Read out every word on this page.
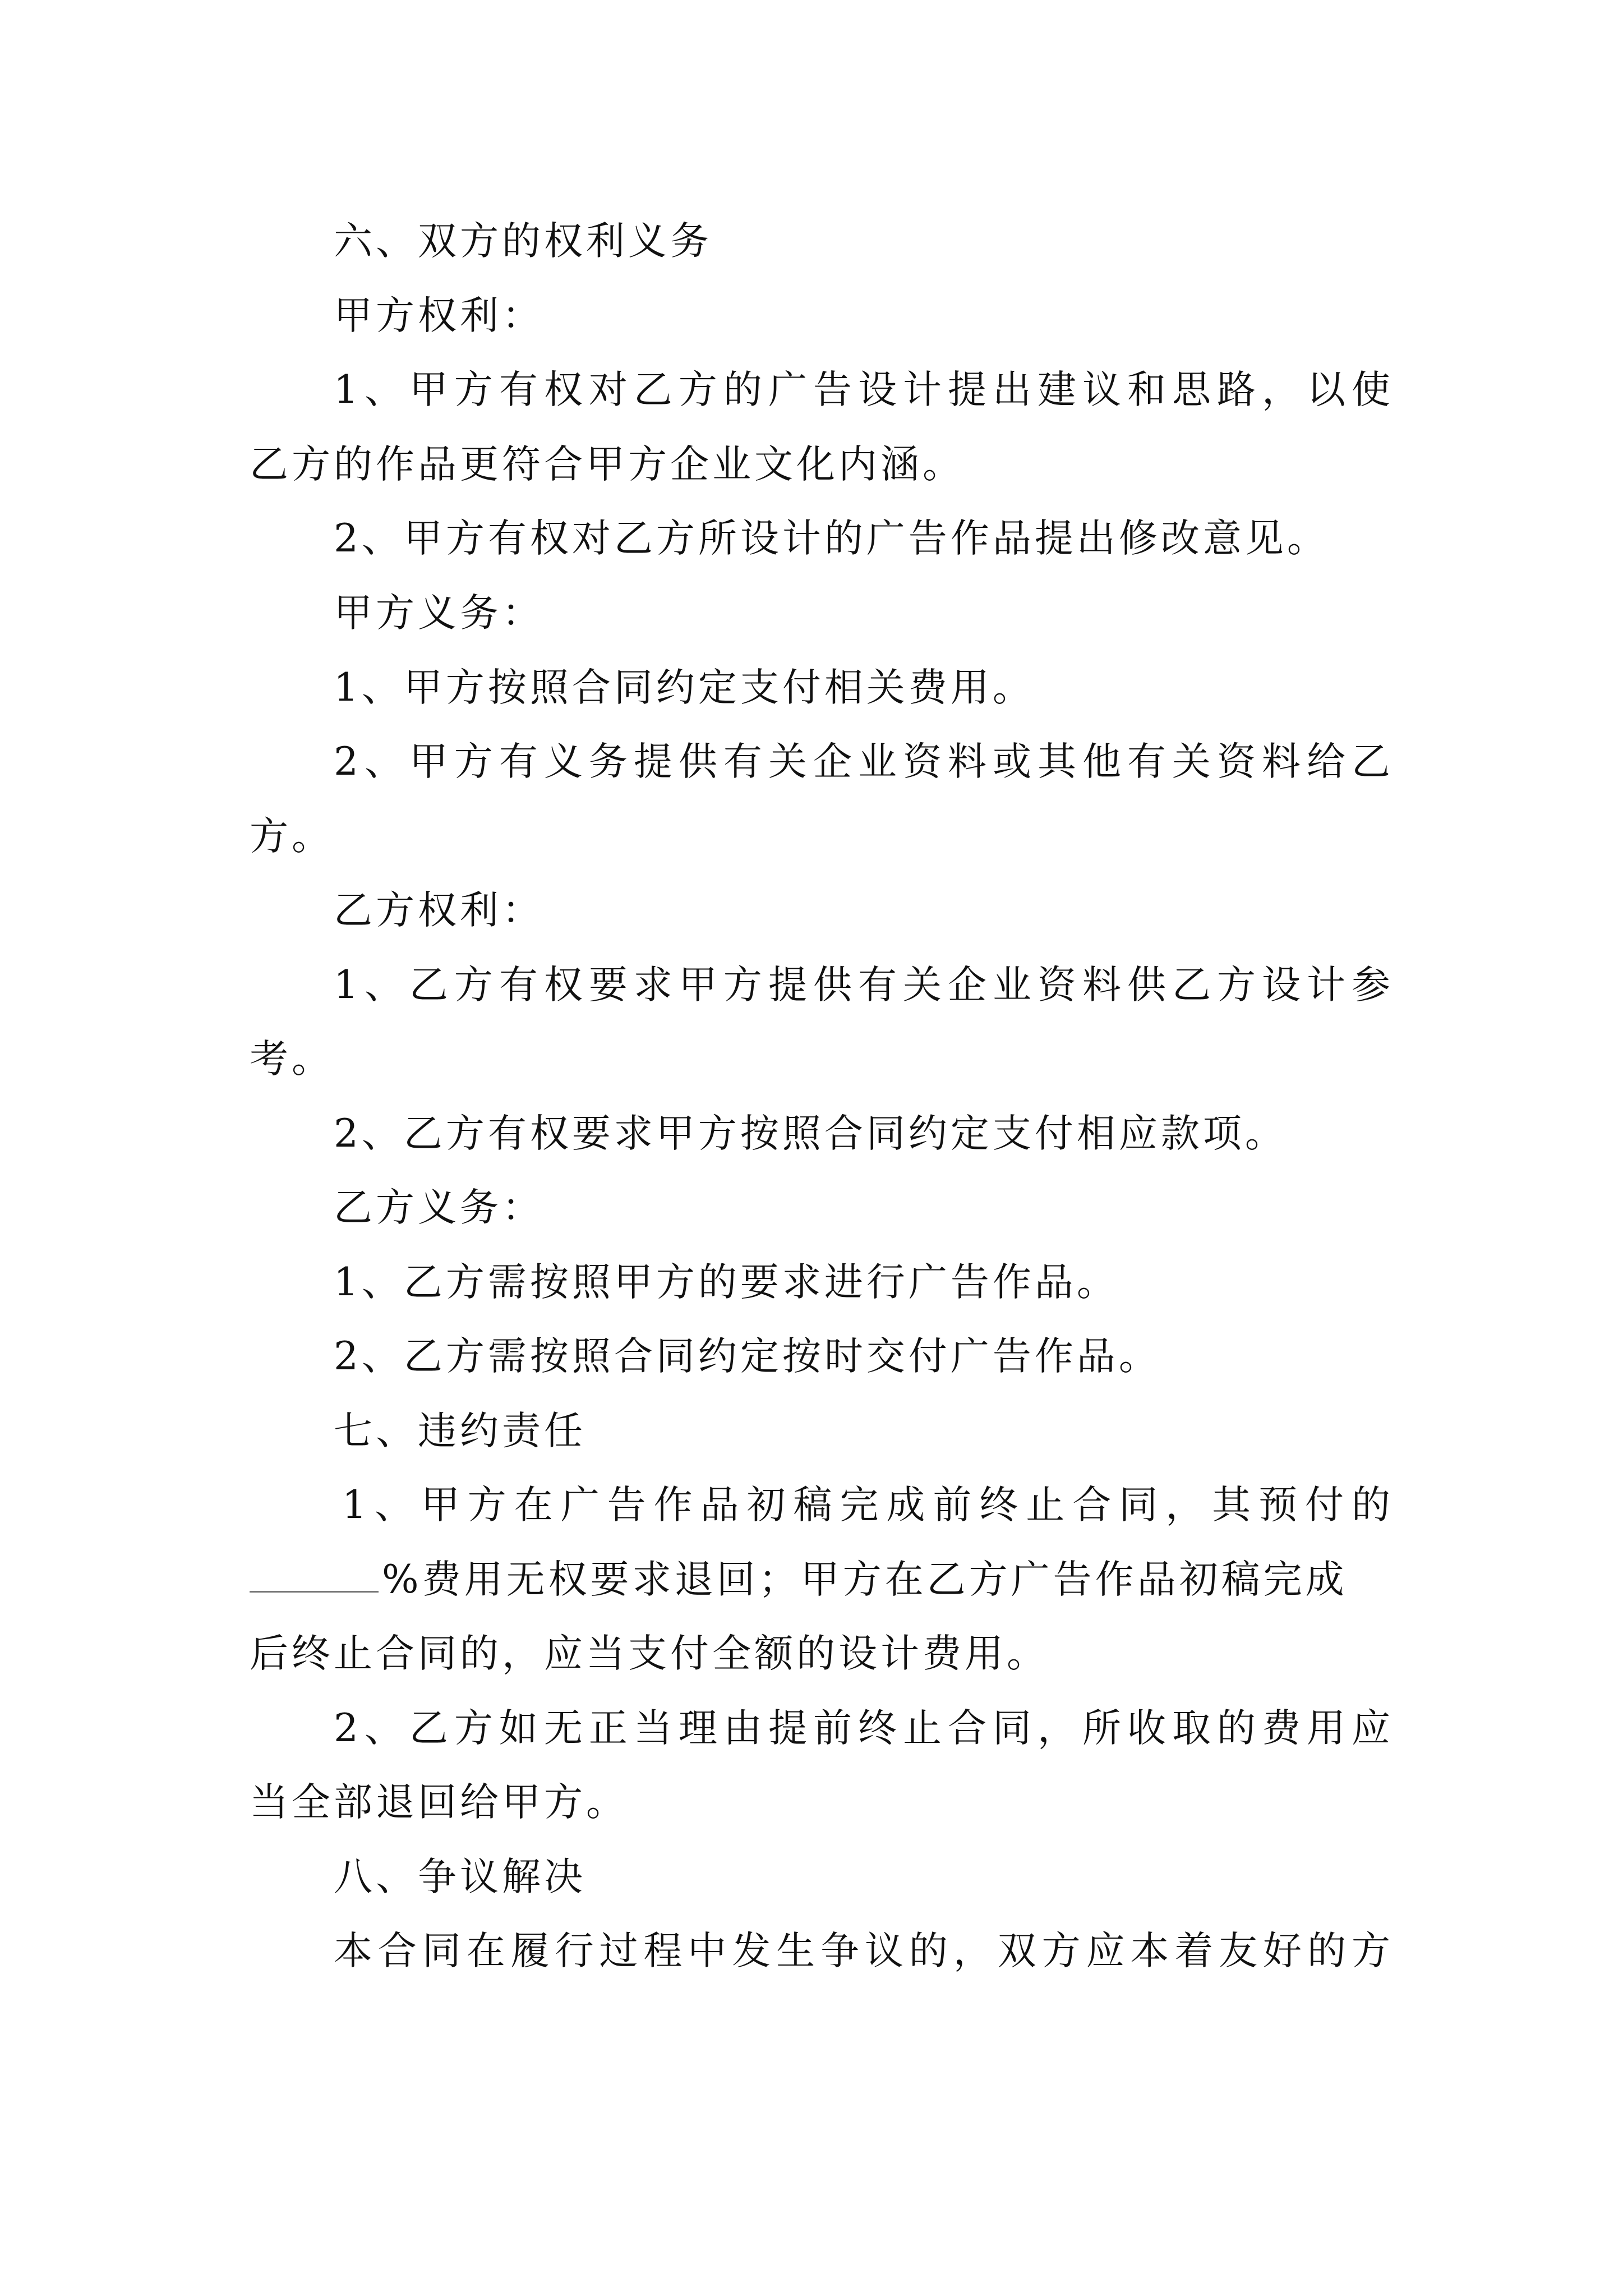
六、双方的权利义务
甲方权利：
1、甲方有权对乙方的广告设计提出建议和思路，以使
乙方的作品更符合甲方企业文化内涵。
2、甲方有权对乙方所设计的广告作品提出修改意见。
甲方义务：
1、甲方按照合同约定支付相关费用。
2、甲方有义务提供有关企业资料或其他有关资料给乙
方。
乙方权利：
1、乙方有权要求甲方提供有关企业资料供乙方设计参
考。
2、乙方有权要求甲方按照合同约定支付相应款项。
乙方义务：
1、乙方需按照甲方的要求进行广告作品。
2、乙方需按照合同约定按时交付广告作品。
七、违约责任
1、甲方在广告作品初稿完成前终止合同，其预付的
%费用无权要求退回；甲方在乙方广告作品初稿完成
后终止合同的，应当支付全额的设计费用。
2、乙方如无正当理由提前终止合同，所收取的费用应
当全部退回给甲方。
八、争议解决
本合同在履行过程中发生争议的，双方应本着友好的方
